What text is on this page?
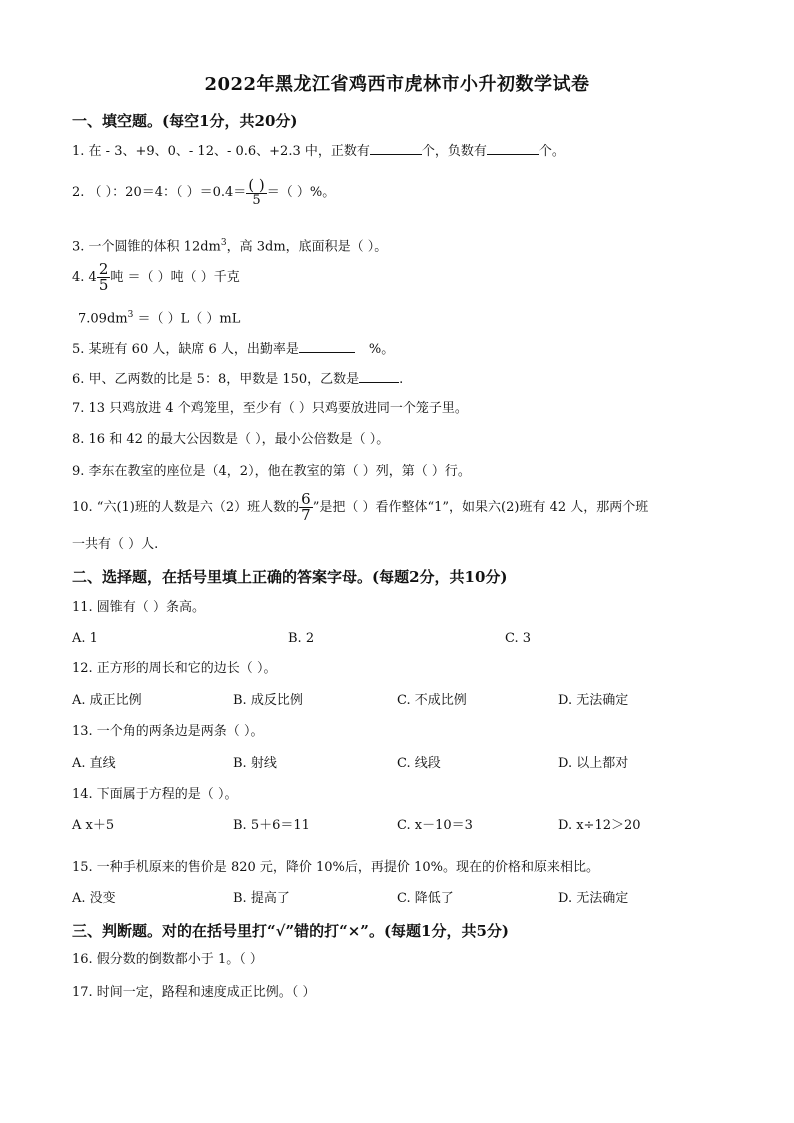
2022年黑龙江省鸡西市虎林市小升初数学试卷
一、填空题。(每空1分，共20分)
1. 在 - 3、+9、0、- 12、- 0.6、+2.3 中，正数有	个，负数有	个。
2. （ ）：20＝4：（ ）$=0.4= \frac{( )}{5}$ ＝（ ）%。
3. 一个圆锥的体积 $12dm^3$，高 3dm，底面积是（ ）。
4. $4 \frac{2}{5}$ 吨 ＝（ ）吨（ ）千克
$7.09dm^3$ ＝（ ）L（ ）mL
5. 某班有 60 人，缺席 6 人，出勤率是	%。
6. 甲、乙两数的比是 5：8，甲数是 150，乙数是	.
7. 13 只鸡放进 4 个鸡笼里，至少有（ ）只鸡要放进同一个笼子里。
8. 16 和 42 的最大公因数是（ ），最小公倍数是（ ）。
9. 李东在教室的座位是（4，2），他在教室的第（ ）列，第（ ）行。
10. “六(1)班的人数是六（2）班人数的 $\frac{6}{7}$ ”是把（ ）看作整体“1”，如果六(2)班有 42 人，那两个班
一共有（ ）人.
二、选择题，在括号里填上正确的答案字母。(每题2分，共10分)
11. 圆锥有（ ）条高。
A. 1	B. 2	C. 3
12. 正方形的周长和它的边长（ ）。
A. 成正比例	B. 成反比例	C. 不成比例	D. 无法确定
13. 一个角的两条边是两条（ ）。
A. 直线	B. 射线	C. 线段	D. 以上都对
14. 下面属于方程的是（ ）。
A x＋5	B. 5＋6＝11	C. x－10＝3	D. x÷12＞20
15. 一种手机原来的售价是 820 元，降价 10%后，再提价 10%。现在的价格和原来相比。
A. 没变	B. 提高了	C. 降低了	D. 无法确定
三、判断题。对的在括号里打“√”错的打“×”。(每题1分，共5分)
16. 假分数的倒数都小于 1。（ ）
17. 时间一定，路程和速度成正比例。（ ）
